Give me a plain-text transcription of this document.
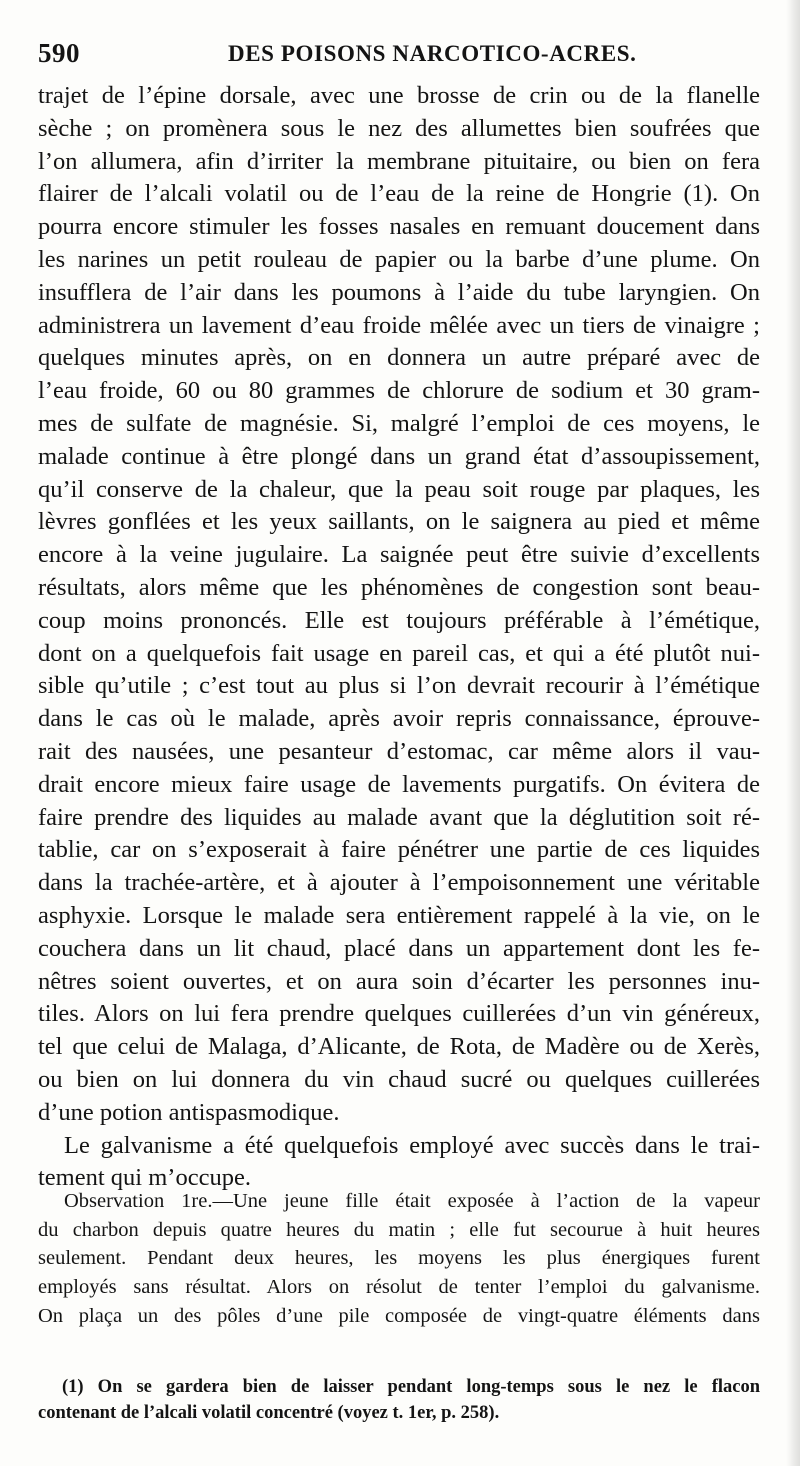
590	DES POISONS NARCOTICO-ACRES.
trajet de l’épine dorsale, avec une brosse de crin ou de la flanelle
sèche ; on promènera sous le nez des allumettes bien soufrées que
l’on allumera, afin d’irriter la membrane pituitaire, ou bien on fera
flairer de l’alcali volatil ou de l’eau de la reine de Hongrie (1). On
pourra encore stimuler les fosses nasales en remuant doucement dans
les narines un petit rouleau de papier ou la barbe d’une plume. On
insufflera de l’air dans les poumons à l’aide du tube laryngien. On
administrera un lavement d’eau froide mêlée avec un tiers de vinaigre ;
quelques minutes après, on en donnera un autre préparé avec de
l’eau froide, 60 ou 80 grammes de chlorure de sodium et 30 gram-
mes de sulfate de magnésie. Si, malgré l’emploi de ces moyens, le
malade continue à être plongé dans un grand état d’assoupissement,
qu’il conserve de la chaleur, que la peau soit rouge par plaques, les
lèvres gonflées et les yeux saillants, on le saignera au pied et même
encore à la veine jugulaire. La saignée peut être suivie d’excellents
résultats, alors même que les phénomènes de congestion sont beau-
coup moins prononcés. Elle est toujours préférable à l’émétique,
dont on a quelquefois fait usage en pareil cas, et qui a été plutôt nui-
sible qu’utile ; c’est tout au plus si l’on devrait recourir à l’émétique
dans le cas où le malade, après avoir repris connaissance, éprouve-
rait des nausées, une pesanteur d’estomac, car même alors il vau-
drait encore mieux faire usage de lavements purgatifs. On évitera de
faire prendre des liquides au malade avant que la déglutition soit ré-
tablie, car on s’exposerait à faire pénétrer une partie de ces liquides
dans la trachée-artère, et à ajouter à l’empoisonnement une véritable
asphyxie. Lorsque le malade sera entièrement rappelé à la vie, on le
couchera dans un lit chaud, placé dans un appartement dont les fe-
nêtres soient ouvertes, et on aura soin d’écarter les personnes inu-
tiles. Alors on lui fera prendre quelques cuillerées d’un vin généreux,
tel que celui de Malaga, d’Alicante, de Rota, de Madère ou de Xerès,
ou bien on lui donnera du vin chaud sucré ou quelques cuillerées
d’une potion antispasmodique.
Le galvanisme a été quelquefois employé avec succès dans le trai-
tement qui m’occupe.
Observation 1re.—Une jeune fille était exposée à l’action de la vapeur
du charbon depuis quatre heures du matin ; elle fut secourue à huit heures
seulement. Pendant deux heures, les moyens les plus énergiques furent
employés sans résultat. Alors on résolut de tenter l’emploi du galvanisme.
On plaça un des pôles d’une pile composée de vingt-quatre éléments dans
(1) On se gardera bien de laisser pendant long-temps sous le nez le flacon
contenant de l’alcali volatil concentré (voyez t. 1er, p. 258).
